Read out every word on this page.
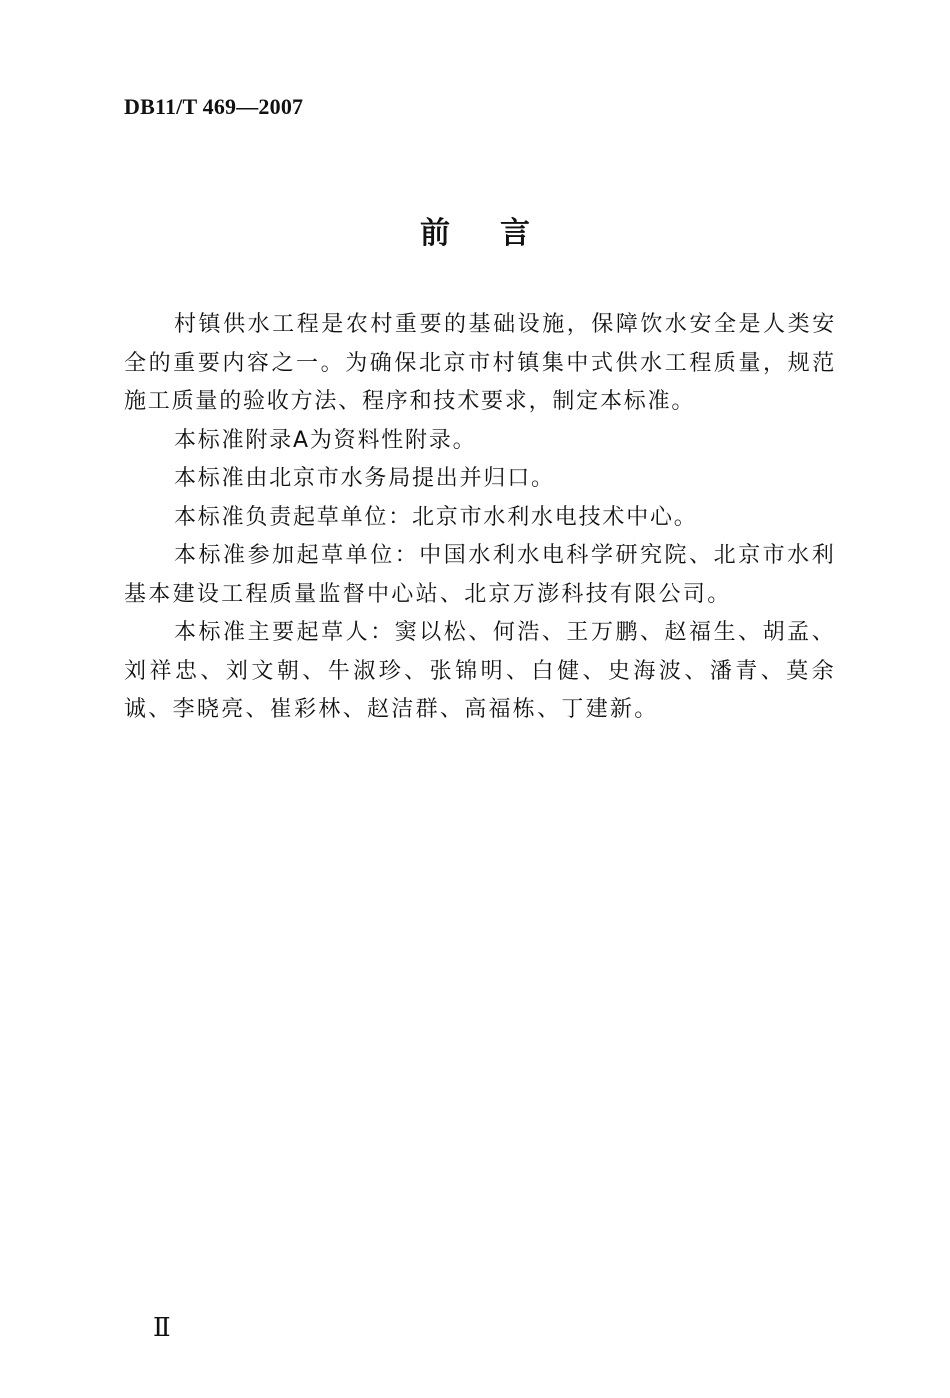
DB11/T 469—2007
前言

村镇供水工程是农村重要的基础设施，保障饮水安全是人类安全的重要内容之一。为确保北京市村镇集中式供水工程质量，规范施工质量的验收方法、程序和技术要求，制定本标准。

本标准附录A为资料性附录。

本标准由北京市水务局提出并归口。

本标准负责起草单位：北京市水利水电技术中心。

本标准参加起草单位：中国水利水电科学研究院、北京市水利基本建设工程质量监督中心站、北京万澎科技有限公司。

本标准主要起草人：窦以松、何浩、王万鹏、赵福生、胡孟、刘祥忠、刘文朝、牛淑珍、张锦明、白健、史海波、潘青、莫余诚、李晓亮、崔彩林、赵洁群、高福栋、丁建新。

Ⅱ
